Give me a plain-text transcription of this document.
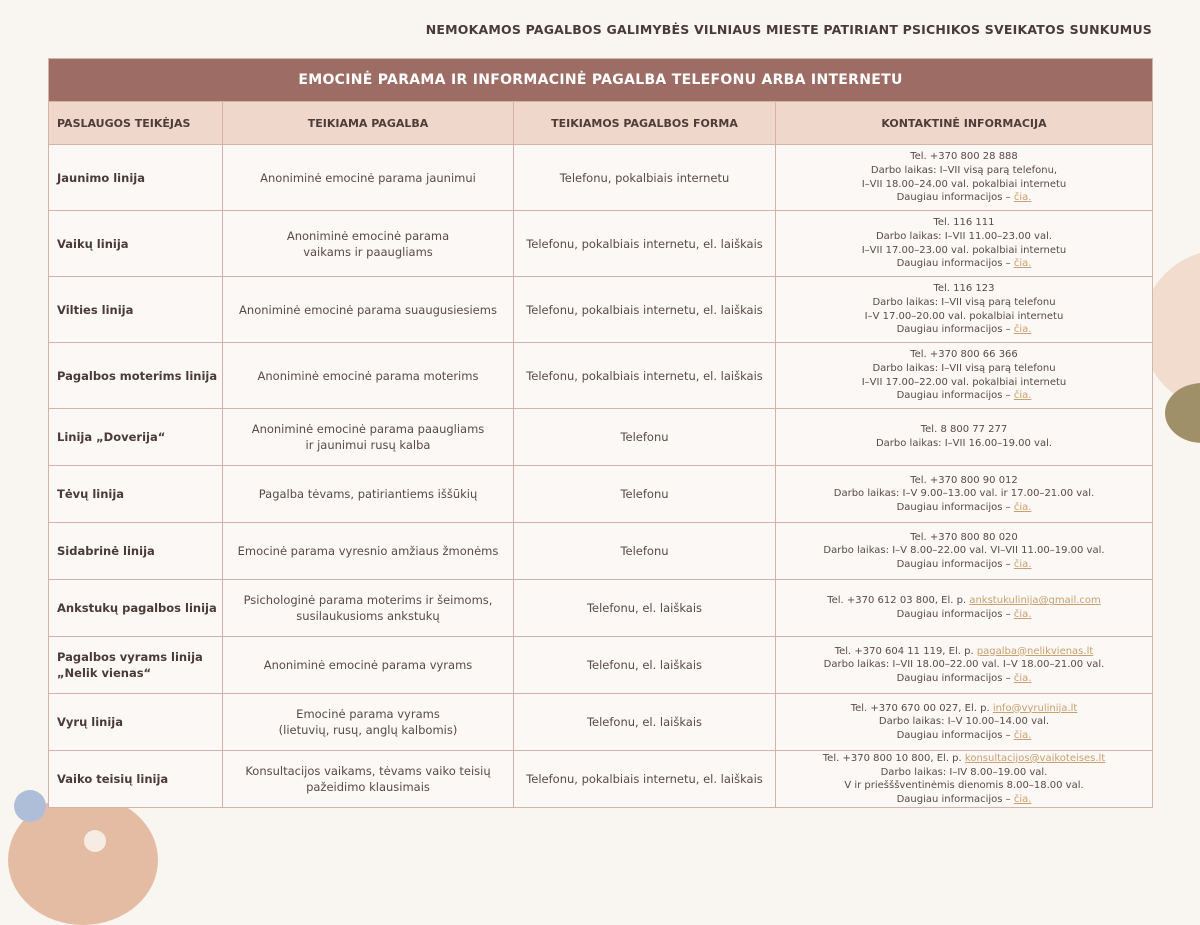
NEMOKAMOS PAGALBOS GALIMYBĖS VILNIAUS MIESTE PATIRIANT PSICHIKOS SVEIKATOS SUNKUMUS
EMOCINĖ PARAMA IR INFORMACINĖ PAGALBA TELEFONU ARBA INTERNETU			
PASLAUGOS TEIKĖJAS	TEIKIAMA PAGALBA	TEIKIAMOS PAGALBOS FORMA	KONTAKTINĖ INFORMACIJA

Jaunimo linija	Anoniminė emocinė parama jaunimui	Telefonu, pokalbiais internetu	Tel. +370 800 28 888
Darbo laikas: I–VII visą parą telefonu,
I–VII 18.00–24.00 val. pokalbiai internetu
Daugiau informacijos – čia.

Vaikų linija	Anoniminė emocinė parama
vaikams ir paaugliams	Telefonu, pokalbiais internetu, el. laiškais	Tel. 116 111
Darbo laikas: I–VII 11.00–23.00 val.
I–VII 17.00–23.00 val. pokalbiai internetu
Daugiau informacijos – čia.

Vilties linija	Anoniminė emocinė parama suaugusiesiems	Telefonu, pokalbiais internetu, el. laiškais	Tel. 116 123
Darbo laikas: I–VII visą parą telefonu
I–V 17.00–20.00 val. pokalbiai internetu
Daugiau informacijos – čia.

Pagalbos moterims linija	Anoniminė emocinė parama moterims	Telefonu, pokalbiais internetu, el. laiškais	Tel. +370 800 66 366
Darbo laikas: I–VII visą parą telefonu
I–VII 17.00–22.00 val. pokalbiai internetu
Daugiau informacijos – čia.

Linija „Doverija“	Anoniminė emocinė parama paaugliams
ir jaunimui rusų kalba	Telefonu	Tel. 8 800 77 277
Darbo laikas: I–VII 16.00–19.00 val.

Tėvų linija	Pagalba tėvams, patiriantiems iššūkių	Telefonu	Tel. +370 800 90 012
Darbo laikas: I–V 9.00–13.00 val. ir 17.00–21.00 val.
Daugiau informacijos – čia.

Sidabrinė linija	Emocinė parama vyresnio amžiaus žmonėms	Telefonu	Tel. +370 800 80 020
Darbo laikas: I–V 8.00–22.00 val. VI–VII 11.00–19.00 val.
Daugiau informacijos – čia.

Ankstukų pagalbos linija	Psichologinė parama moterims ir šeimoms,
susilaukusioms ankstukų	Telefonu, el. laiškais	Tel. +370 612 03 800, El. p. ankstukulinija@gmail.com
Daugiau informacijos – čia.

Pagalbos vyrams linija
„Nelik vienas“	Anoniminė emocinė parama vyrams	Telefonu, el. laiškais	Tel. +370 604 11 119, El. p. pagalba@nelikvienas.lt
Darbo laikas: I–VII 18.00–22.00 val. I–V 18.00–21.00 val.
Daugiau informacijos – čia.

Vyrų linija	Emocinė parama vyrams
(lietuvių, rusų, anglų kalbomis)	Telefonu, el. laiškais	Tel. +370 670 00 027, El. p. info@vyrulinija.lt
Darbo laikas: I–V 10.00–14.00 val.
Daugiau informacijos – čia.

Vaiko teisių linija	Konsultacijos vaikams, tėvams vaiko teisių
pažeidimo klausimais	Telefonu, pokalbiais internetu, el. laiškais	Tel. +370 800 10 800, El. p. konsultacijos@vaikoteises.lt
Darbo laikas: I–IV 8.00–19.00 val.
V ir priešššventinėmis dienomis 8.00–18.00 val.
Daugiau informacijos – čia.
